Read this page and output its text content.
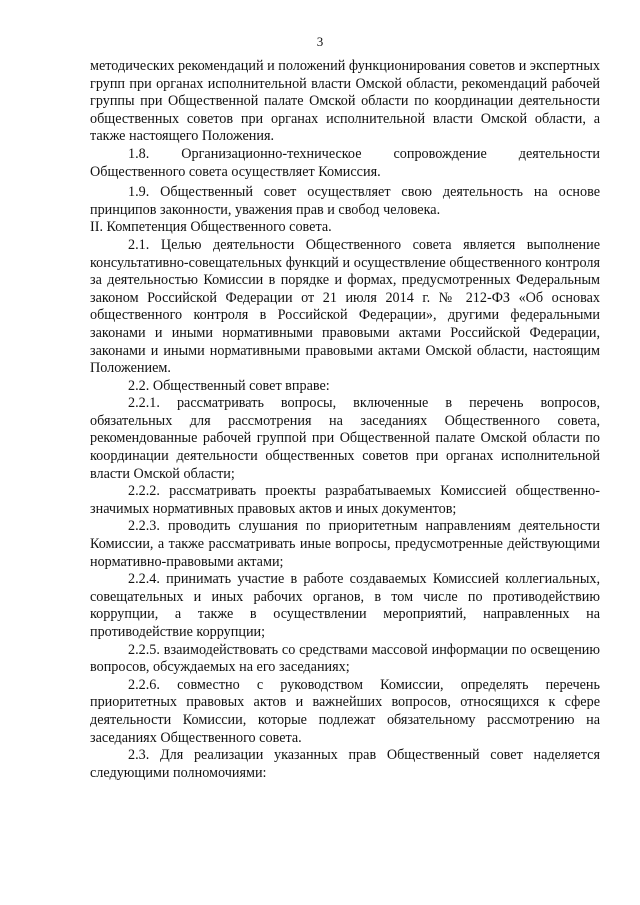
3

методических рекомендаций и положений функционирования советов и экспертных групп при органах исполнительной власти Омской области, рекомендаций рабочей группы при Общественной палате Омской области по координации деятельности общественных советов при органах исполнительной власти Омской области, а также настоящего Положения.

1.8. Организационно-техническое сопровождение деятельности Общественного совета осуществляет Комиссия.

1.9. Общественный совет осуществляет свою деятельность на основе принципов законности, уважения прав и свобод человека.

II. Компетенция Общественного совета.

2.1. Целью деятельности Общественного совета является выполнение консультативно-совещательных функций и осуществление общественного контроля за деятельностью Комиссии в порядке и формах, предусмотренных Федеральным законом Российской Федерации от 21 июля 2014 г. № 212-ФЗ «Об основах общественного контроля в Российской Федерации», другими федеральными законами и иными нормативными правовыми актами Российской Федерации, законами и иными нормативными правовыми актами Омской области, настоящим Положением.

2.2. Общественный совет вправе:

2.2.1. рассматривать вопросы, включенные в перечень вопросов, обязательных для рассмотрения на заседаниях Общественного совета, рекомендованные рабочей группой при Общественной палате Омской области по координации деятельности общественных советов при органах исполнительной власти Омской области;

2.2.2. рассматривать проекты разрабатываемых Комиссией общественно-значимых нормативных правовых актов и иных документов;

2.2.3. проводить слушания по приоритетным направлениям деятельности Комиссии, а также рассматривать иные вопросы, предусмотренные действующими нормативно-правовыми актами;

2.2.4. принимать участие в работе создаваемых Комиссией коллегиальных, совещательных и иных рабочих органов, в том числе по противодействию коррупции, а также в осуществлении мероприятий, направленных на противодействие коррупции;

2.2.5. взаимодействовать со средствами массовой информации по освещению вопросов, обсуждаемых на его заседаниях;

2.2.6. совместно с руководством Комиссии, определять перечень приоритетных правовых актов и важнейших вопросов, относящихся к сфере деятельности Комиссии, которые подлежат обязательному рассмотрению на заседаниях Общественного совета.

2.3. Для реализации указанных прав Общественный совет наделяется следующими полномочиями:
